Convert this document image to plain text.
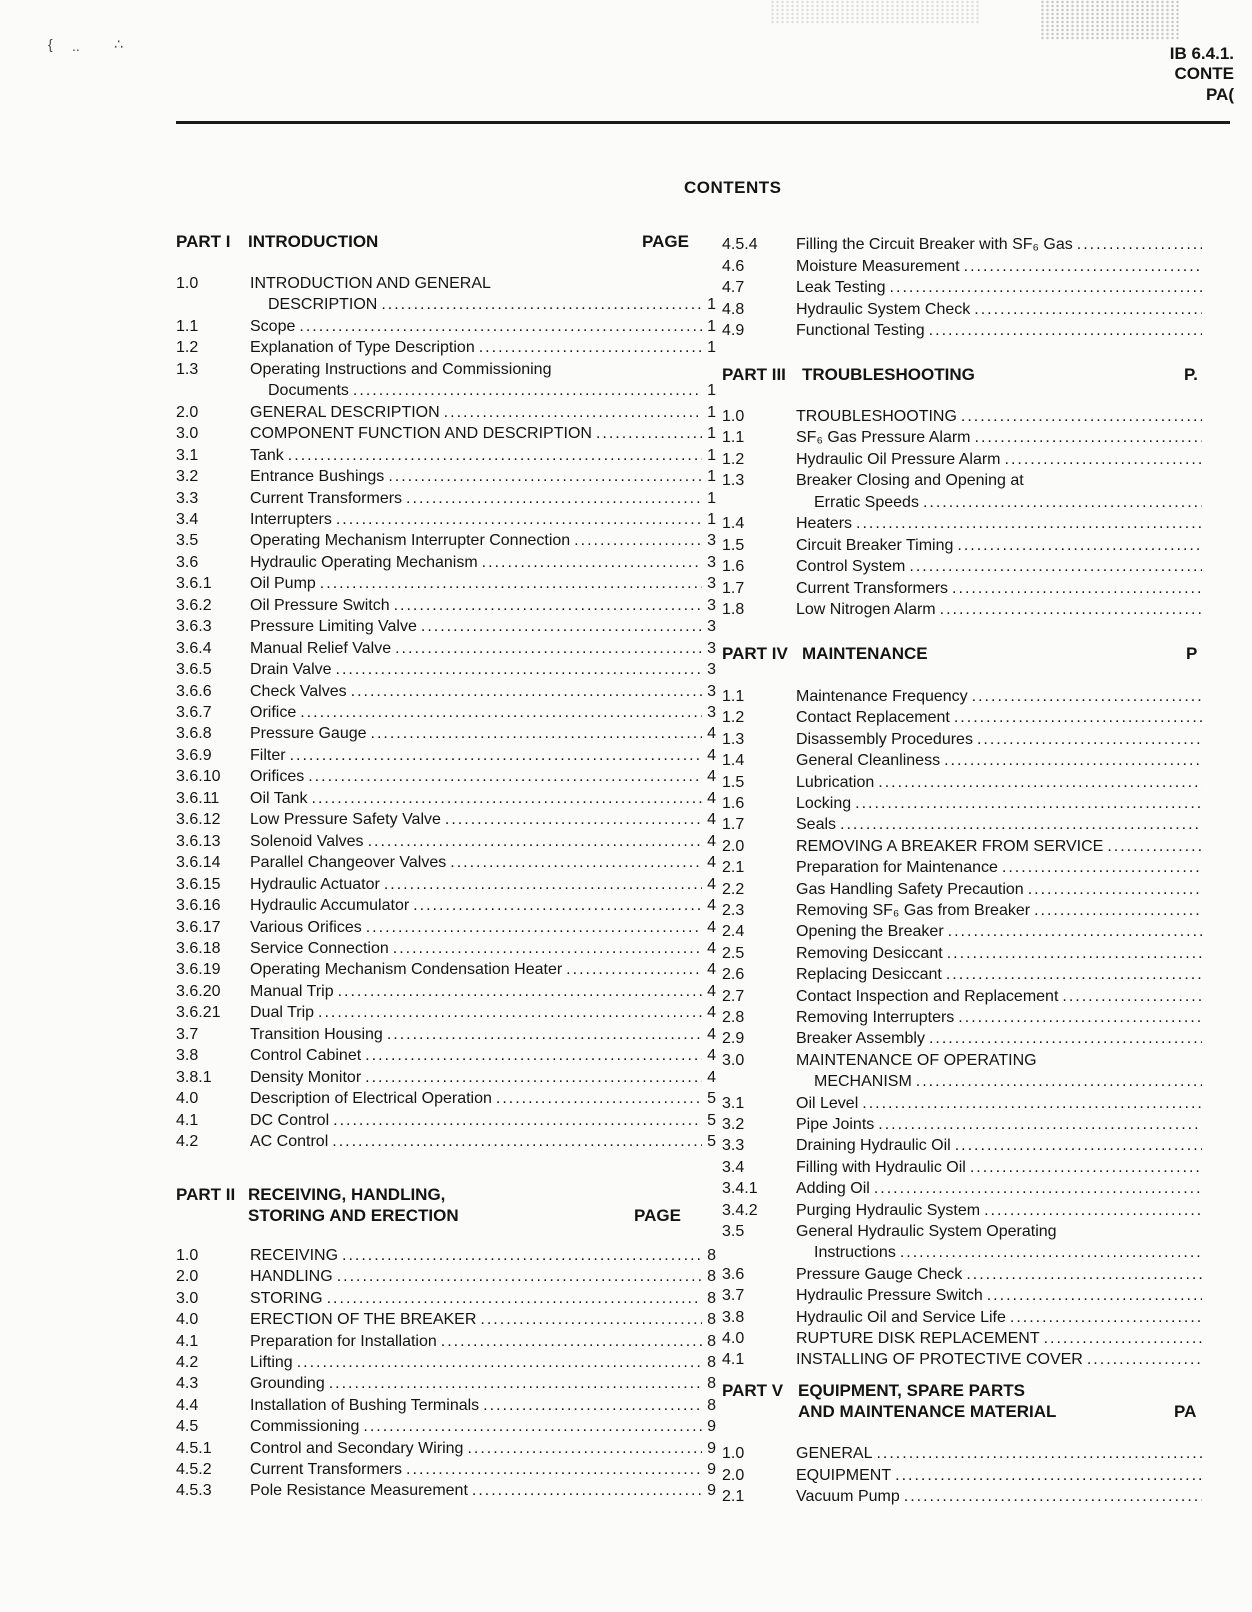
{ .. ∴	IB 6.4.1.
CONTE
PA(
CONTENTS
PART I INTRODUCTION	PAGE
1.0	INTRODUCTION AND GENERAL
DESCRIPTION .....	1
1.1	Scope .....	1
1.2	Explanation of Type Description .....	1
1.3	Operating Instructions and Commissioning
Documents .....	1
2.0	GENERAL DESCRIPTION .....	1
3.0	COMPONENT FUNCTION AND DESCRIPTION .....	1
3.1	Tank .....	1
3.2	Entrance Bushings .....	1
3.3	Current Transformers .....	1
3.4	Interrupters .....	1
3.5	Operating Mechanism Interrupter Connection .....	3
3.6	Hydraulic Operating Mechanism .....	3
3.6.1 Oil Pump .....	3
3.6.2 Oil Pressure Switch .....	3
3.6.3 Pressure Limiting Valve .....	3
3.6.4 Manual Relief Valve .....	3
3.6.5 Drain Valve .....	3
3.6.6 Check Valves .....	3
3.6.7 Orifice .....	3
3.6.8 Pressure Gauge .....	4
3.6.9 Filter .....	4
3.6.10 Orifices .....	4
3.6.11 Oil Tank .....	4
3.6.12 Low Pressure Safety Valve .....	4
3.6.13 Solenoid Valves .....	4
3.6.14 Parallel Changeover Valves .....	4
3.6.15 Hydraulic Actuator .....	4
3.6.16 Hydraulic Accumulator .....	4
3.6.17 Various Orifices .....	4
3.6.18 Service Connection .....	4
3.6.19 Operating Mechanism Condensation Heater .....	4
3.6.20 Manual Trip .....	4
3.6.21 Dual Trip .....	4
3.7	Transition Housing .....	4
3.8	Control Cabinet .....	4
3.8.1 Density Monitor .....	4
4.0	Description of Electrical Operation .....	5
4.1	DC Control .....	5
4.2	AC Control .....	5
PART II RECEIVING, HANDLING,
STORING AND ERECTION	PAGE
1.0	RECEIVING .....	8
2.0	HANDLING .....	8
3.0	STORING .....	8
4.0	ERECTION OF THE BREAKER .....	8
4.1	Preparation for Installation .....	8
4.2	Lifting .....	8
4.3	Grounding .....	8
4.4	Installation of Bushing Terminals .....	8
4.5	Commissioning .....	9
4.5.1 Control and Secondary Wiring .....	9
4.5.2 Current Transformers .....	9
4.5.3 Pole Resistance Measurement .....	9
4.5.4 Filling the Circuit Breaker with SF₆ Gas
.....
4.6	Moisture Measurement
.....
4.7	Leak Testing
.....
4.8	Hydraulic System Check
.....
4.9	Functional Testing
.....
PART III TROUBLESHOOTING	P.
1.0	TROUBLESHOOTING
.....
1.1	SF₆ Gas Pressure Alarm
.....
1.2	Hydraulic Oil Pressure Alarm
.....
1.3	Breaker Closing and Opening at
Erratic Speeds
.....
1.4	Heaters
.....
1.5	Circuit Breaker Timing
.....
1.6	Control System
.....
1.7	Current Transformers
.....
1.8	Low Nitrogen Alarm
.....
PART IV MAINTENANCE	P
1.1	Maintenance Frequency
.....
1.2	Contact Replacement
.....
1.3	Disassembly Procedures
.....
1.4	General Cleanliness
.....
1.5	Lubrication
.....
1.6	Locking
.....
1.7	Seals
.....
2.0	REMOVING A BREAKER FROM SERVICE
.....
2.1	Preparation for Maintenance
.....
2.2	Gas Handling Safety Precaution
.....
2.3	Removing SF₆ Gas from Breaker
.....
2.4	Opening the Breaker
.....
2.5	Removing Desiccant
.....
2.6	Replacing Desiccant
.....
2.7	Contact Inspection and Replacement
.....
2.8	Removing Interrupters
.....
2.9	Breaker Assembly
.....
3.0	MAINTENANCE OF OPERATING
MECHANISM
.....
3.1	Oil Level
.....
3.2	Pipe Joints
.....
3.3	Draining Hydraulic Oil
.....
3.4	Filling with Hydraulic Oil
.....
3.4.1 Adding Oil
.....
3.4.2 Purging Hydraulic System
.....
3.5	General Hydraulic System Operating
Instructions
.....
3.6	Pressure Gauge Check
.....
3.7	Hydraulic Pressure Switch
.....
3.8	Hydraulic Oil and Service Life
.....
4.0	RUPTURE DISK REPLACEMENT
.....
4.1	INSTALLING OF PROTECTIVE COVER
.....
PART V EQUIPMENT, SPARE PARTS
AND MAINTENANCE MATERIAL	PA
1.0	GENERAL
.....
2.0	EQUIPMENT
.....
2.1	Vacuum Pump
.....
